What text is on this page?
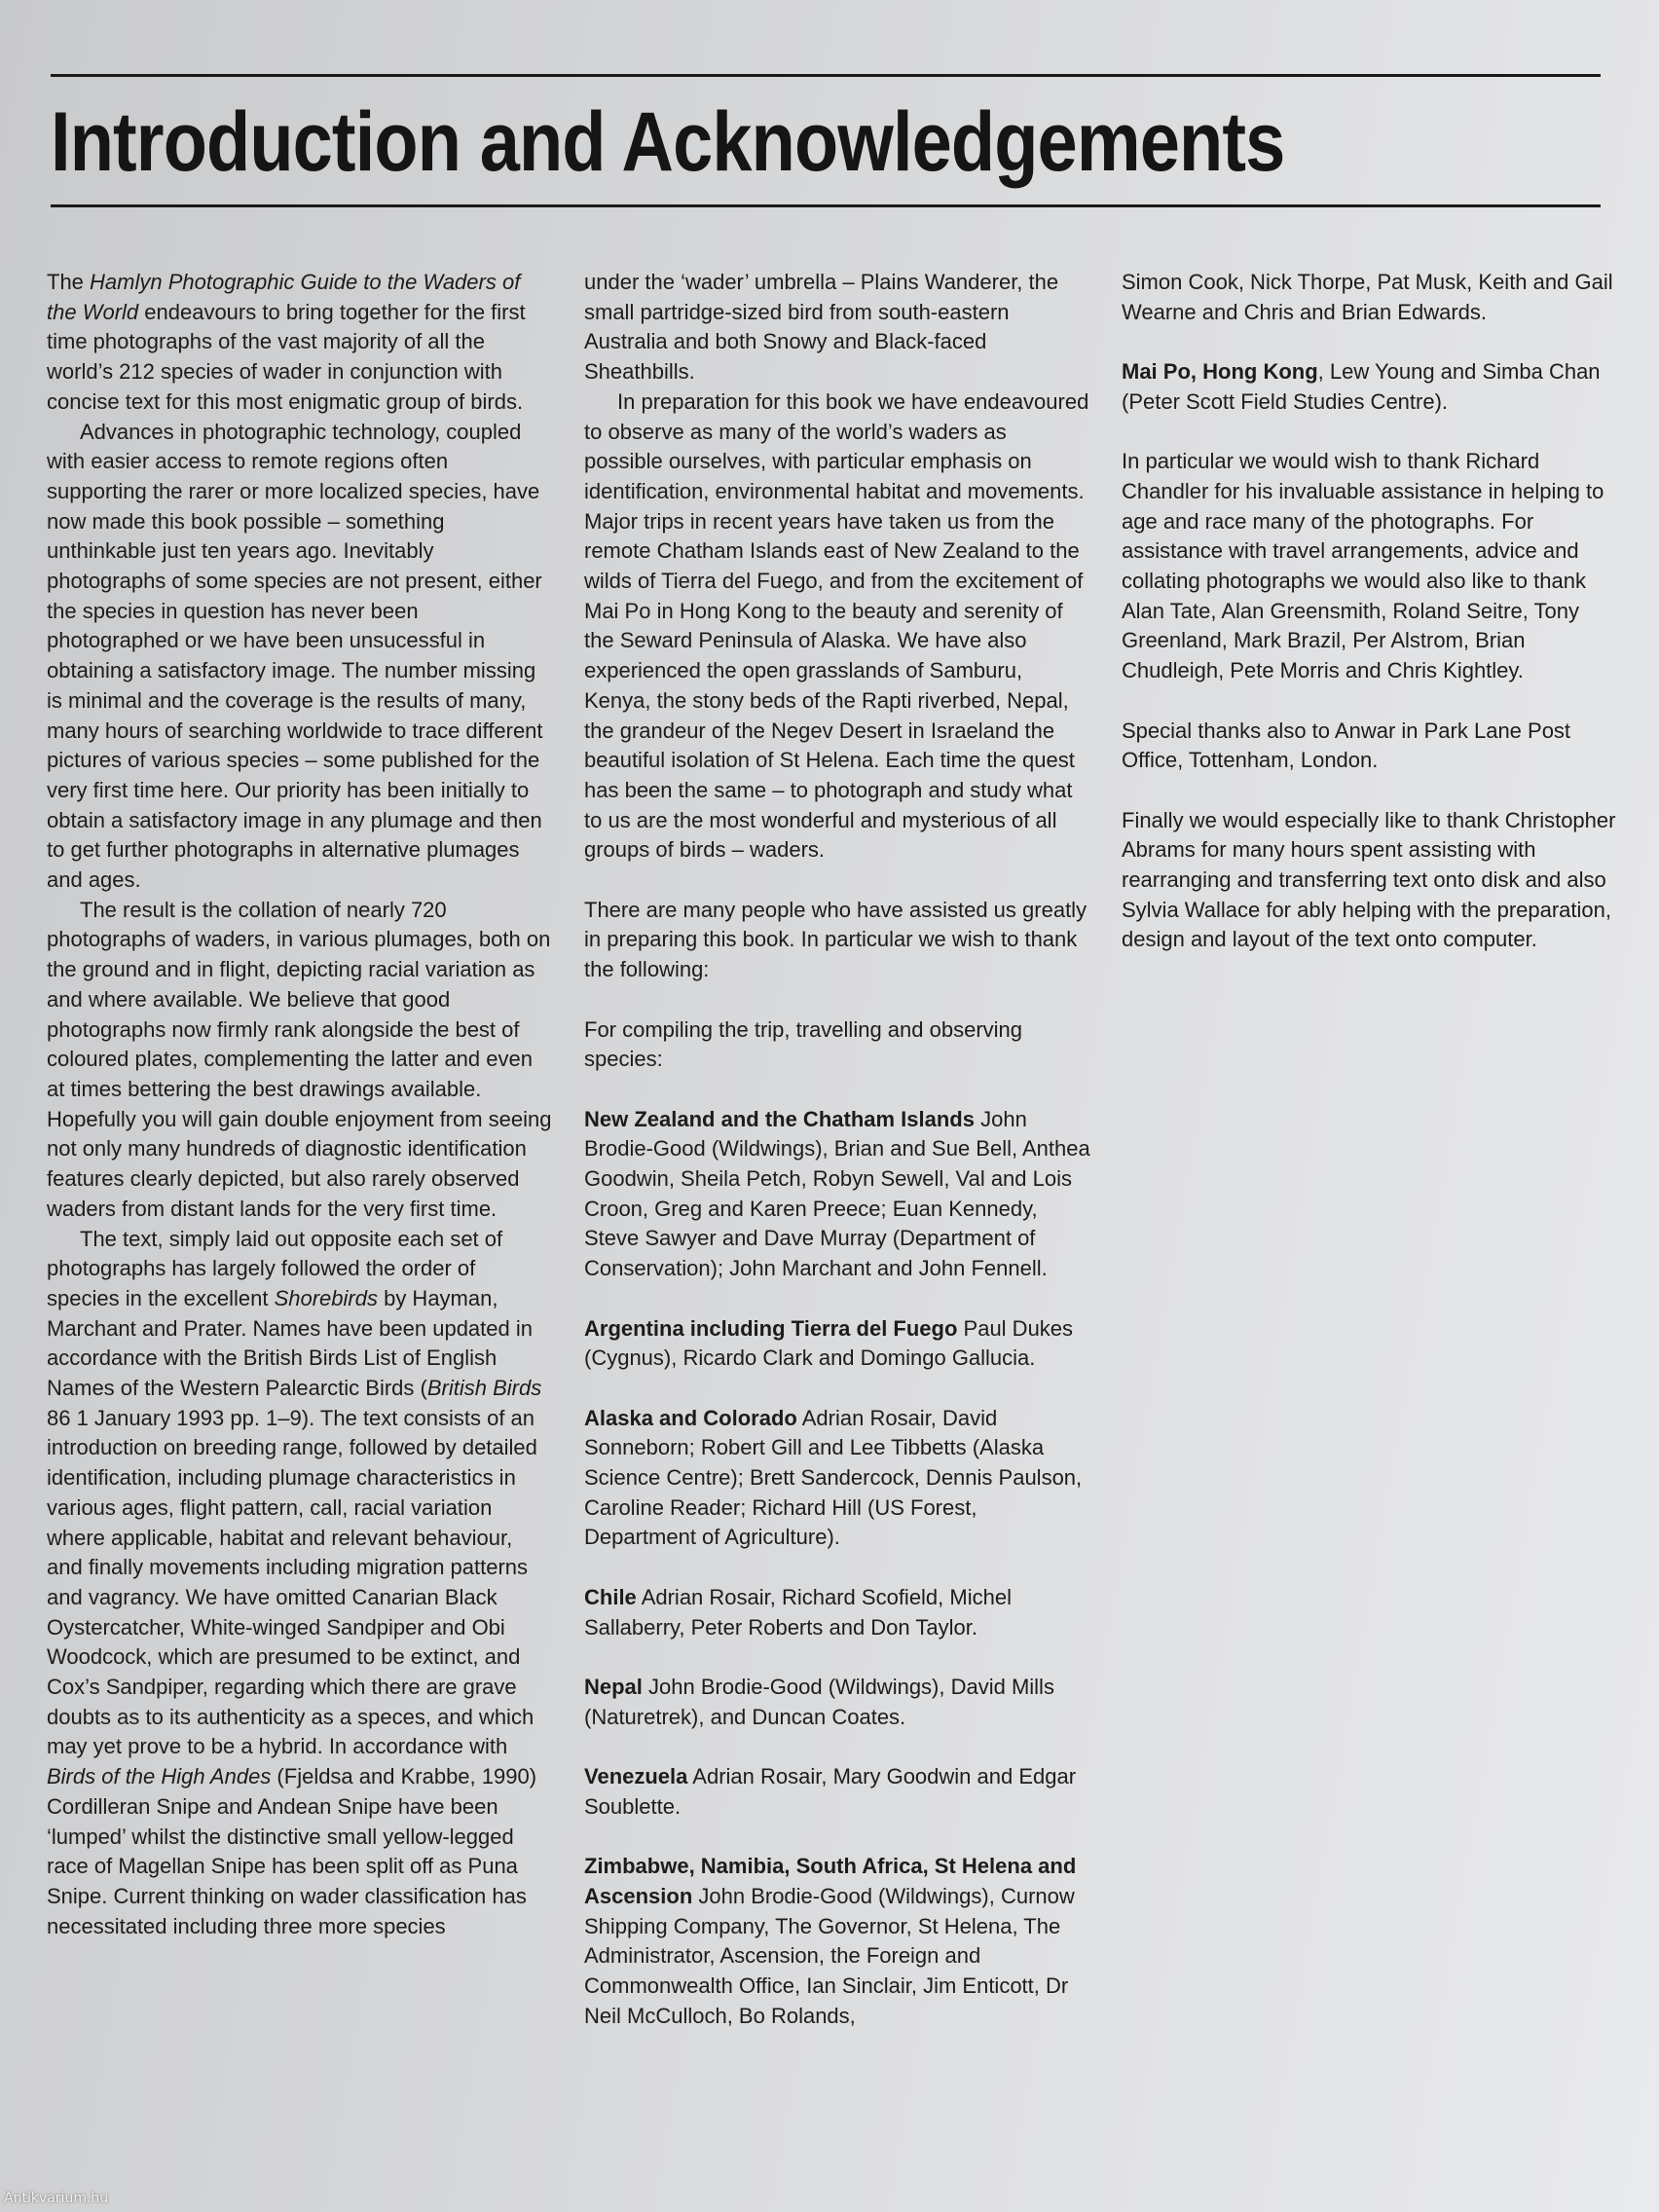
Introduction and Acknowledgements

The Hamlyn Photographic Guide to the Waders of the World endeavours to bring together for the first time photographs of the vast majority of all the world’s 212 species of wader in conjunction with concise text for this most enigmatic group of birds.

Advances in photographic technology, coupled with easier access to remote regions often supporting the rarer or more localized species, have now made this book possible – something unthinkable just ten years ago. Inevitably photographs of some species are not present, either the species in question has never been photographed or we have been unsucessful in obtaining a satisfactory image. The number missing is minimal and the coverage is the results of many, many hours of searching worldwide to trace different pictures of various species – some published for the very first time here. Our priority has been initially to obtain a satisfactory image in any plumage and then to get further photographs in alternative plumages and ages.

The result is the collation of nearly 720 photographs of waders, in various plumages, both on the ground and in flight, depicting racial variation as and where available. We believe that good photographs now firmly rank alongside the best of coloured plates, complementing the latter and even at times bettering the best drawings available. Hopefully you will gain double enjoyment from seeing not only many hundreds of diagnostic identification features clearly depicted, but also rarely observed waders from distant lands for the very first time.

The text, simply laid out opposite each set of photographs has largely followed the order of species in the excellent Shorebirds by Hayman, Marchant and Prater. Names have been updated in accordance with the British Birds List of English Names of the Western Palearctic Birds (British Birds 86 1 January 1993 pp. 1–9). The text consists of an introduction on breeding range, followed by detailed identification, including plumage characteristics in various ages, flight pattern, call, racial variation where applicable, habitat and relevant behaviour, and finally movements including migration patterns and vagrancy. We have omitted Canarian Black Oystercatcher, White-winged Sandpiper and Obi Woodcock, which are presumed to be extinct, and Cox’s Sandpiper, regarding which there are grave doubts as to its authenticity as a speces, and which may yet prove to be a hybrid. In accordance with Birds of the High Andes (Fjeldsa and Krabbe, 1990) Cordilleran Snipe and Andean Snipe have been ‘lumped’ whilst the distinctive small yellow-legged race of Magellan Snipe has been split off as Puna Snipe. Current thinking on wader classification has necessitated including three more species

under the ‘wader’ umbrella – Plains Wanderer, the small partridge-sized bird from south-eastern Australia and both Snowy and Black-faced Sheathbills.

In preparation for this book we have endeavoured to observe as many of the world’s waders as possible ourselves, with particular emphasis on identification, environmental habitat and movements. Major trips in recent years have taken us from the remote Chatham Islands east of New Zealand to the wilds of Tierra del Fuego, and from the excitement of Mai Po in Hong Kong to the beauty and serenity of the Seward Peninsula of Alaska. We have also experienced the open grasslands of Samburu, Kenya, the stony beds of the Rapti riverbed, Nepal, the grandeur of the Negev Desert in Israeland the beautiful isolation of St Helena. Each time the quest has been the same – to photograph and study what to us are the most wonderful and mysterious of all groups of birds – waders.

There are many people who have assisted us greatly in preparing this book. In particular we wish to thank the following:

For compiling the trip, travelling and observing species:

New Zealand and the Chatham Islands John Brodie-Good (Wildwings), Brian and Sue Bell, Anthea Goodwin, Sheila Petch, Robyn Sewell, Val and Lois Croon, Greg and Karen Preece; Euan Kennedy, Steve Sawyer and Dave Murray (Department of Conservation); John Marchant and John Fennell.

Argentina including Tierra del Fuego Paul Dukes (Cygnus), Ricardo Clark and Domingo Gallucia.

Alaska and Colorado Adrian Rosair, David Sonneborn; Robert Gill and Lee Tibbetts (Alaska Science Centre); Brett Sandercock, Dennis Paulson, Caroline Reader; Richard Hill (US Forest, Department of Agriculture).

Chile Adrian Rosair, Richard Scofield, Michel Sallaberry, Peter Roberts and Don Taylor.

Nepal John Brodie-Good (Wildwings), David Mills (Naturetrek), and Duncan Coates.

Venezuela Adrian Rosair, Mary Goodwin and Edgar Soublette.

Zimbabwe, Namibia, South Africa, St Helena and Ascension John Brodie-Good (Wildwings), Curnow Shipping Company, The Governor, St Helena, The Administrator, Ascension, the Foreign and Commonwealth Office, Ian Sinclair, Jim Enticott, Dr Neil McCulloch, Bo Rolands,

Simon Cook, Nick Thorpe, Pat Musk, Keith and Gail Wearne and Chris and Brian Edwards.

Mai Po, Hong Kong, Lew Young and Simba Chan (Peter Scott Field Studies Centre).

In particular we would wish to thank Richard Chandler for his invaluable assistance in helping to age and race many of the photographs. For assistance with travel arrangements, advice and collating photographs we would also like to thank Alan Tate, Alan Greensmith, Roland Seitre, Tony Greenland, Mark Brazil, Per Alstrom, Brian Chudleigh, Pete Morris and Chris Kightley.

Special thanks also to Anwar in Park Lane Post Office, Tottenham, London.

Finally we would especially like to thank Christopher Abrams for many hours spent assisting with rearranging and transferring text onto disk and also Sylvia Wallace for ably helping with the preparation, design and layout of the text onto computer.

Antikvarium.hu
